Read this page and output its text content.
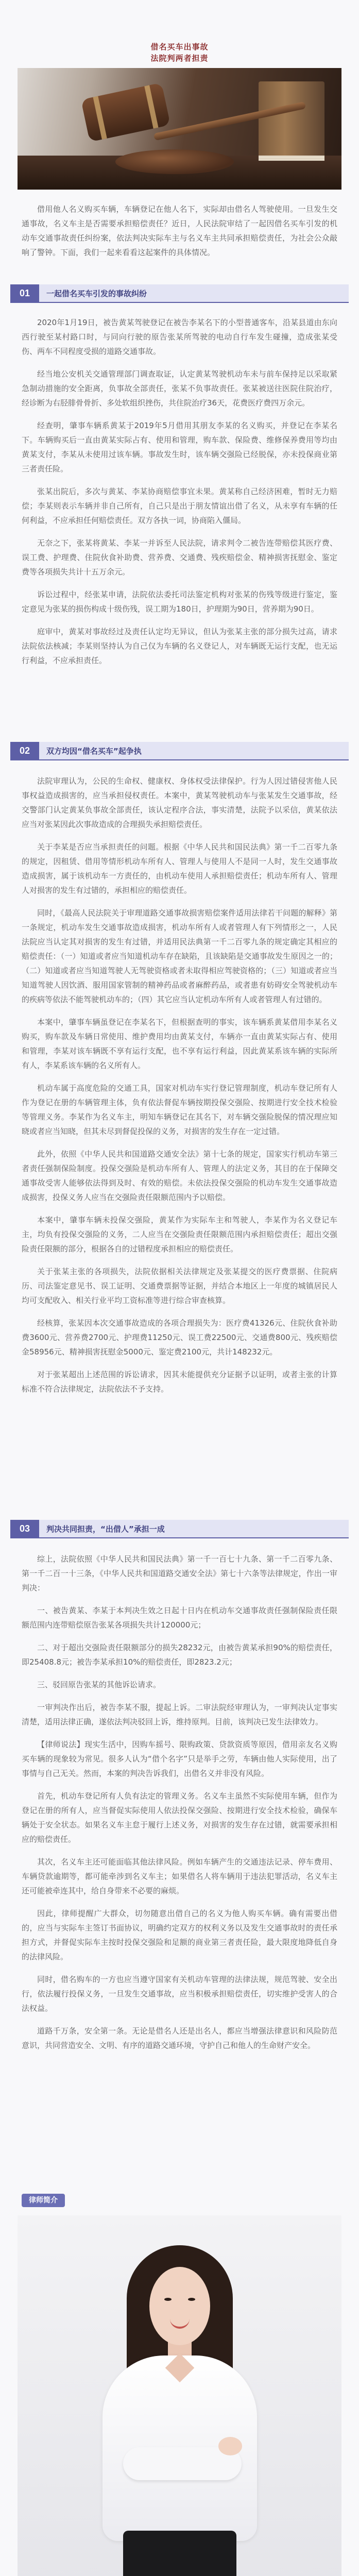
借名买车出事故
法院判两者担责

借用他人名义购买车辆，车辆登记在他人名下，实际却由借名人驾驶使用。一旦发生交通事故，名义车主是否需要承担赔偿责任？近日，人民法院审结了一起因借名买车引发的机动车交通事故责任纠纷案，依法判决实际车主与名义车主共同承担赔偿责任，为社会公众敲响了警钟。下面，我们一起来看看这起案件的具体情况。

01	一起借名买车引发的事故纠纷

2020年1月19日，被告黄某驾驶登记在被告李某名下的小型普通客车，沿某县道由东向西行驶至某村路口时，与同向行驶的原告张某所驾驶的电动自行车发生碰撞，造成张某受伤、两车不同程度受损的道路交通事故。

经当地公安机关交通管理部门调查取证，认定黄某驾驶机动车未与前车保持足以采取紧急制动措施的安全距离，负事故全部责任，张某不负事故责任。张某被送往医院住院治疗，经诊断为右胫腓骨骨折、多处软组织挫伤，共住院治疗36天，花费医疗费四万余元。

经查明，肇事车辆系黄某于2019年5月借用其朋友李某的名义购买，并登记在李某名下。车辆购买后一直由黄某实际占有、使用和管理，购车款、保险费、维修保养费用等均由黄某支付，李某从未使用过该车辆。事故发生时，该车辆交强险已经脱保，亦未投保商业第三者责任险。

张某出院后，多次与黄某、李某协商赔偿事宜未果。黄某称自己经济困难，暂时无力赔偿；李某则表示车辆并非自己所有，自己只是出于朋友情谊出借了名义，从未享有车辆的任何利益，不应承担任何赔偿责任。双方各执一词，协商陷入僵局。

无奈之下，张某将黄某、李某一并诉至人民法院，请求判令二被告连带赔偿其医疗费、误工费、护理费、住院伙食补助费、营养费、交通费、残疾赔偿金、精神损害抚慰金、鉴定费等各项损失共计十五万余元。

诉讼过程中，经张某申请，法院依法委托司法鉴定机构对张某的伤残等级进行鉴定，鉴定意见为张某的损伤构成十级伤残，误工期为180日，护理期为90日，营养期为90日。

庭审中，黄某对事故经过及责任认定均无异议，但认为张某主张的部分损失过高，请求法院依法核减；李某则坚持认为自己仅为车辆的名义登记人，对车辆既无运行支配，也无运行利益，不应承担责任。

02	双方均因“借名买车”起争执

法院审理认为，公民的生命权、健康权、身体权受法律保护。行为人因过错侵害他人民事权益造成损害的，应当承担侵权责任。本案中，黄某驾驶机动车与张某发生交通事故，经交警部门认定黄某负事故全部责任，该认定程序合法，事实清楚，法院予以采信，黄某依法应当对张某因此次事故造成的合理损失承担赔偿责任。

关于李某是否应当承担责任的问题。根据《中华人民共和国民法典》第一千二百零九条的规定，因租赁、借用等情形机动车所有人、管理人与使用人不是同一人时，发生交通事故造成损害，属于该机动车一方责任的，由机动车使用人承担赔偿责任；机动车所有人、管理人对损害的发生有过错的，承担相应的赔偿责任。

同时，《最高人民法院关于审理道路交通事故损害赔偿案件适用法律若干问题的解释》第一条规定，机动车发生交通事故造成损害，机动车所有人或者管理人有下列情形之一，人民法院应当认定其对损害的发生有过错，并适用民法典第一千二百零九条的规定确定其相应的赔偿责任：（一）知道或者应当知道机动车存在缺陷，且该缺陷是交通事故发生原因之一的；（二）知道或者应当知道驾驶人无驾驶资格或者未取得相应驾驶资格的；（三）知道或者应当知道驾驶人因饮酒、服用国家管制的精神药品或者麻醉药品，或者患有妨碍安全驾驶机动车的疾病等依法不能驾驶机动车的；（四）其它应当认定机动车所有人或者管理人有过错的。

本案中，肇事车辆虽登记在李某名下，但根据查明的事实，该车辆系黄某借用李某名义购买，购车款及车辆日常使用、维护费用均由黄某支付，车辆亦一直由黄某实际占有、使用和管理，李某对该车辆既不享有运行支配，也不享有运行利益，因此黄某系该车辆的实际所有人，李某系该车辆的名义所有人。

机动车属于高度危险的交通工具，国家对机动车实行登记管理制度，机动车登记所有人作为登记在册的车辆管理主体，负有依法督促车辆按期投保交强险、按期进行安全技术检验等管理义务。李某作为名义车主，明知车辆登记在其名下，对车辆交强险脱保的情况理应知晓或者应当知晓，但其未尽到督促投保的义务，对损害的发生存在一定过错。

此外，依照《中华人民共和国道路交通安全法》第十七条的规定，国家实行机动车第三者责任强制保险制度。投保交强险是机动车所有人、管理人的法定义务，其目的在于保障交通事故受害人能够依法得到及时、有效的赔偿。未依法投保交强险的机动车发生交通事故造成损害，投保义务人应当在交强险责任限额范围内予以赔偿。

本案中，肇事车辆未投保交强险，黄某作为实际车主和驾驶人，李某作为名义登记车主，均负有投保交强险的义务，二人应当在交强险责任限额范围内承担赔偿责任；超出交强险责任限额的部分，根据各自的过错程度承担相应的赔偿责任。

关于张某主张的各项损失，法院依据相关法律规定及张某提交的医疗费票据、住院病历、司法鉴定意见书、误工证明、交通费票据等证据，并结合本地区上一年度的城镇居民人均可支配收入、相关行业平均工资标准等进行综合审查核算。

经核算，张某因本次交通事故造成的各项合理损失为：医疗费41326元、住院伙食补助费3600元、营养费2700元、护理费11250元、误工费22500元、交通费800元、残疾赔偿金58956元、精神损害抚慰金5000元、鉴定费2100元，共计148232元。

对于张某超出上述范围的诉讼请求，因其未能提供充分证据予以证明，或者主张的计算标准不符合法律规定，法院依法不予支持。

03	判决共同担责，“出借人”承担一成

综上，法院依照《中华人民共和国民法典》第一千一百七十九条、第一千二百零九条、第一千二百一十三条，《中华人民共和国道路交通安全法》第七十六条等法律规定，作出一审判决：

一、被告黄某、李某于本判决生效之日起十日内在机动车交通事故责任强制保险责任限额范围内连带赔偿原告张某各项损失共计120000元；

二、对于超出交强险责任限额部分的损失28232元，由被告黄某承担90%的赔偿责任，即25408.8元；被告李某承担10%的赔偿责任，即2823.2元；

三、驳回原告张某的其他诉讼请求。

一审判决作出后，被告李某不服，提起上诉。二审法院经审理认为，一审判决认定事实清楚，适用法律正确，遂依法判决驳回上诉，维持原判。目前，该判决已发生法律效力。

【律师说法】现实生活中，因购车摇号、限购政策、贷款资质等原因，借用亲友名义购买车辆的现象较为常见。很多人认为“借个名字”只是举手之劳，车辆由他人实际使用，出了事情与自己无关。然而，本案的判决告诉我们，出借名义并非没有风险。

首先，机动车登记所有人负有法定的管理义务。名义车主虽然不实际使用车辆，但作为登记在册的所有人，应当督促实际使用人依法投保交强险、按期进行安全技术检验，确保车辆处于安全状态。如果名义车主怠于履行上述义务，对损害的发生存在过错，就需要承担相应的赔偿责任。

其次，名义车主还可能面临其他法律风险。例如车辆产生的交通违法记录、停车费用、车辆贷款逾期等，都可能牵涉到名义车主；如果借名人将车辆用于违法犯罪活动，名义车主还可能被牵连其中，给自身带来不必要的麻烦。

因此，律师提醒广大群众，切勿随意出借自己的名义为他人购买车辆。确有需要出借的，应当与实际车主签订书面协议，明确约定双方的权利义务以及发生交通事故时的责任承担方式，并督促实际车主按时投保交强险和足额的商业第三者责任险，最大限度地降低自身的法律风险。

同时，借名购车的一方也应当遵守国家有关机动车管理的法律法规，规范驾驶、安全出行，依法履行投保义务，一旦发生交通事故，应当积极承担赔偿责任，切实维护受害人的合法权益。

道路千万条，安全第一条。无论是借名人还是出名人，都应当增强法律意识和风险防范意识，共同营造安全、文明、有序的道路交通环境，守护自己和他人的生命财产安全。

律师简介
